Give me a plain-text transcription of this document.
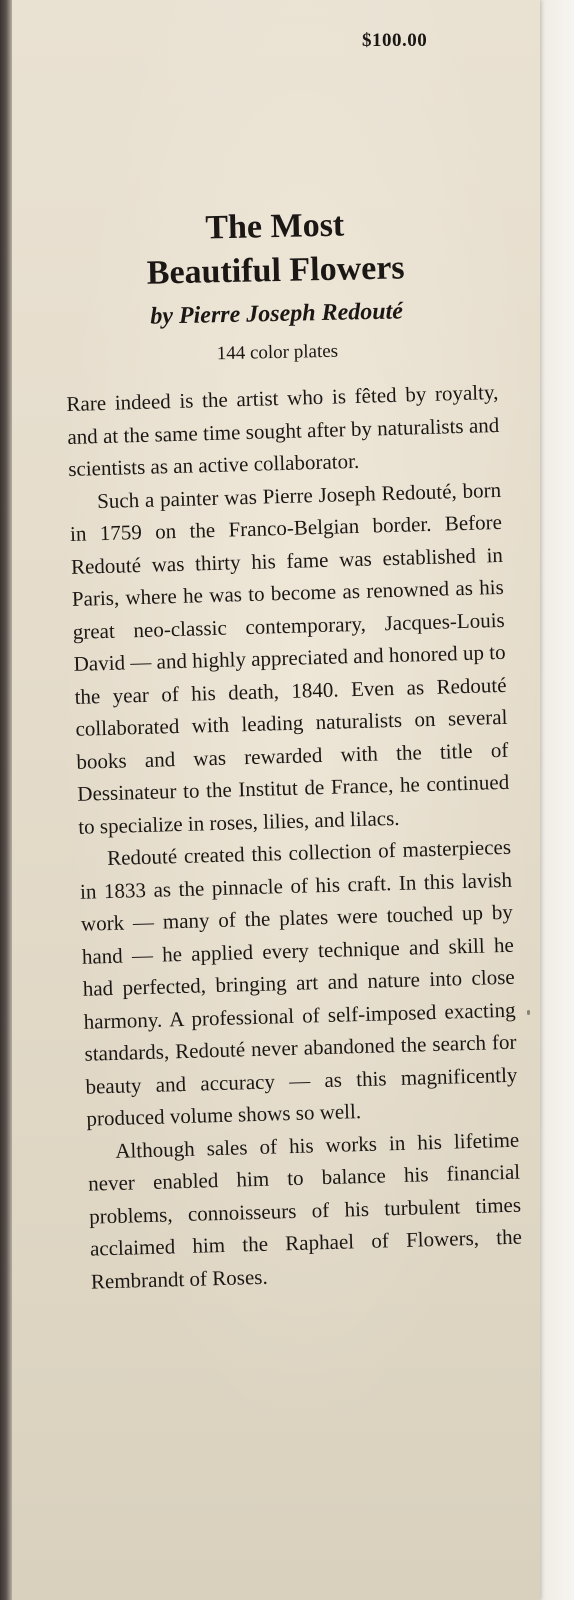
$100.00
The Most
Beautiful Flowers
by Pierre Joseph Redouté
144 color plates

Rare indeed is the artist who is fêted by royalty, and at the same time sought after by naturalists and scientists as an active collaborator.

Such a painter was Pierre Joseph Redouté, born in 1759 on the Franco-Belgian border. Before Redouté was thirty his fame was established in Paris, where he was to become as renowned as his great neo-classic contemporary, Jacques-Louis David — and highly appreciated and honored up to the year of his death, 1840. Even as Redouté collaborated with leading naturalists on several books and was rewarded with the title of Dessinateur to the Institut de France, he continued to specialize in roses, lilies, and lilacs.

Redouté created this collection of masterpieces in 1833 as the pinnacle of his craft. In this lavish work — many of the plates were touched up by hand — he applied every technique and skill he had perfected, bringing art and nature into close harmony. A professional of self-imposed exacting standards, Redouté never abandoned the search for beauty and accuracy — as this magnificently produced volume shows so well.

Although sales of his works in his lifetime never enabled him to balance his financial problems, connoisseurs of his turbulent times acclaimed him the Raphael of Flowers, the Rembrandt of Roses.
